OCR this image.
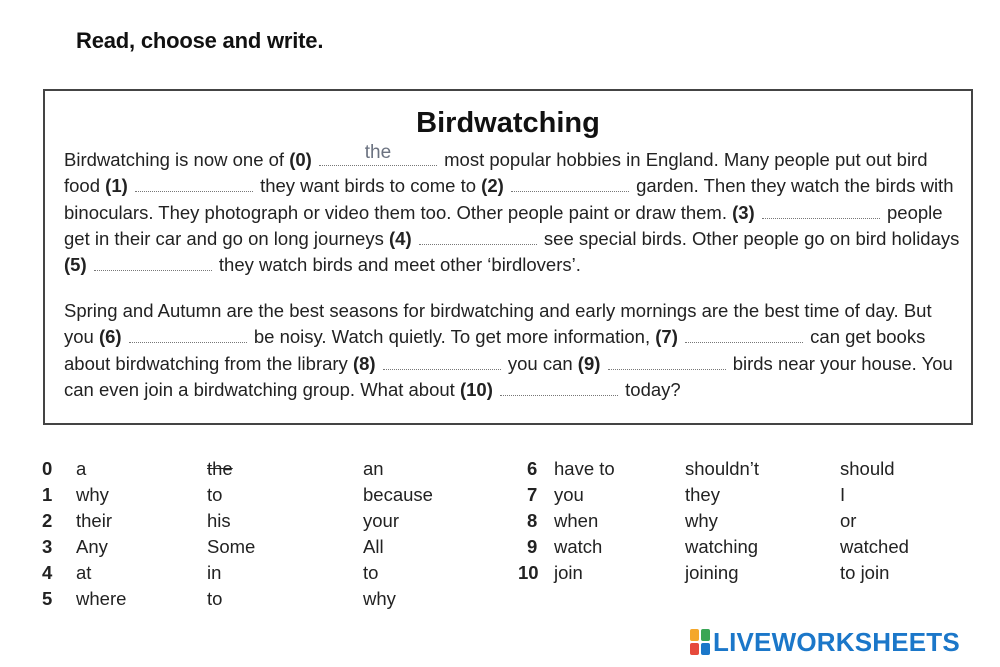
Read, choose and write.
Birdwatching
Birdwatching is now one of (0)	the	most popular hobbies in England. Many people put out bird food (1)	they want birds to come to (2)	garden. Then they watch the birds with binoculars. They photograph or video them too. Other people paint or draw them. (3)	people get in their car and go on long journeys (4)	see special birds. Other people go on bird holidays (5)	they watch birds and meet other ‘birdlovers’.
Spring and Autumn are the best seasons for birdwatching and early mornings are the best time of day. But you (6)	be noisy. Watch quietly. To get more information, (7)	can get books about birdwatching from the library (8)	you can (9)	birds near your house. You can even join a birdwatching group. What about (10)	today?
0 a	the	an
1 why	to	because
2 their	his	your
3 Any	Some	All
4 at	in	to
5 where	to	why
6 have to	shouldn’t	should
7 you	they	I
8 when	why	or
9 watch	watching	watched
10 join	joining	to join
LIVEWORKSHEETS
